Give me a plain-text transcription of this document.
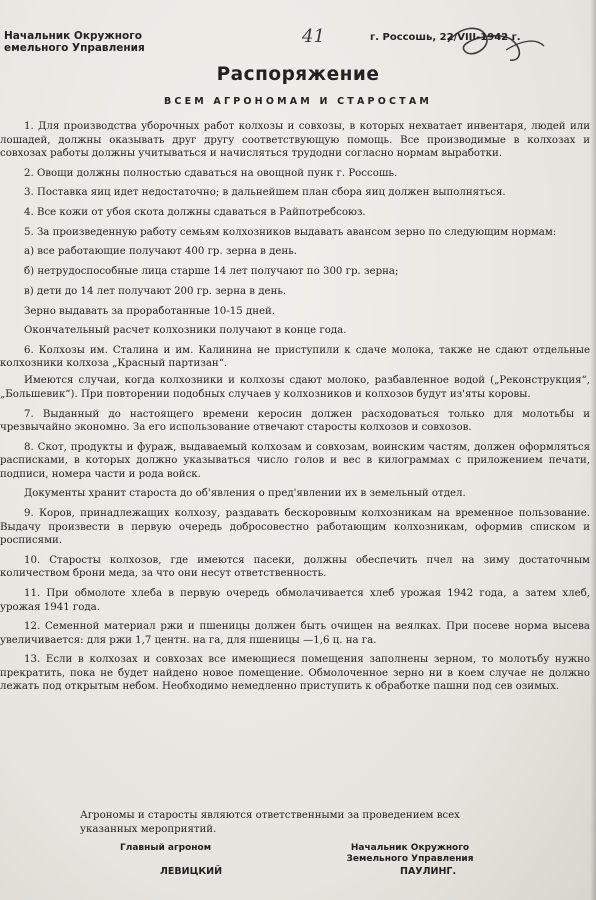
Начальник Окружного
емельного Управления
41	г. Россошь, 22/VIII-1942 г.
Распоряжение
ВСЕМ АГРОНОМАМ И СТАРОСТАМ

1. Для производства уборочных работ колхозы и совхозы, в которых нехватает инвентаря, людей или лошадей, должны оказывать друг другу соответствующую помощь. Все производимые в колхозах и совхозах работы должны учитываться и начисляться трудодни согласно нормам выработки.

2. Овощи должны полностью сдаваться на овощной пунк г. Россошь.

3. Поставка яиц идет недостаточно; в дальнейшем план сбора яиц должен выполняться.

4. Все кожи от убоя скота должны сдаваться в Райпотребсоюз.

5. За произведенную работу семьям колхозников выдавать авансом зерно по следующим нормам:

а) все работающие получают 400 гр. зерна в день.

б) нетрудоспособные лица старше 14 лет получают по 300 гр. зерна;

в) дети до 14 лет получают 200 гр. зерна в день.

Зерно выдавать за проработанные 10-15 дней.

Окончательный расчет колхозники получают в конце года.

6. Колхозы им. Сталина и им. Калинина не приступили к сдаче молока, также не сдают отдельные колхозники колхоза „Красный партизан“.

Имеются случаи, когда колхозники и колхозы сдают молоко, разбавленное водой („Реконструкция“, „Большевик“). При повторении подобных случаев у колхозников и колхозов будут из'яты коровы.

7. Выданный до настоящего времени керосин должен расходоваться только для молотьбы и чрезвычайно экономно. За его использование отвечают старосты колхозов и совхозов.

8. Скот, продукты и фураж, выдаваемый колхозам и совхозам, воинским частям, должен оформляться расписками, в которых должно указываться число голов и вес в килограммах с приложением печати, подписи, номера части и рода войск.

Документы хранит староста до об'явления о пред'явлении их в земельный отдел.

9. Коров, принадлежащих колхозу, раздавать бескоровным колхозникам на временное пользование. Выдачу произвести в первую очередь добросовестно работающим колхозникам, оформив списком и росписями.

10. Старосты колхозов, где имеются пасеки, должны обеспечить пчел на зиму достаточным количеством брони меда, за что они несут ответственность.

11. При обмолоте хлеба в первую очередь обмолачивается хлеб урожая 1942 года, а затем хлеб, урожая 1941 года.

12. Семенной материал ржи и пшеницы должен быть очищен на веялках. При посевe норма высева увеличивается: для ржи 1,7 центн. на га, для пшеницы —1,6 ц. на га.

13. Если в колхозах и совхозах все имеющиеся помещения заполнены зерном, то молотьбу нужно прекратить, пока не будет найдено новое помещение. Обмолоченное зерно ни в коем случае не должно лежать под открытым небом. Необходимо немедленно приступить к обработке пашни под сев озимых.

Агрономы и старосты являются ответственными за проведением всех
указанных мероприятий.
Главный агроном
ЛЕВИЦКИЙ
Начальник Окружного
Земельного Управления
ПАУЛИНГ.
